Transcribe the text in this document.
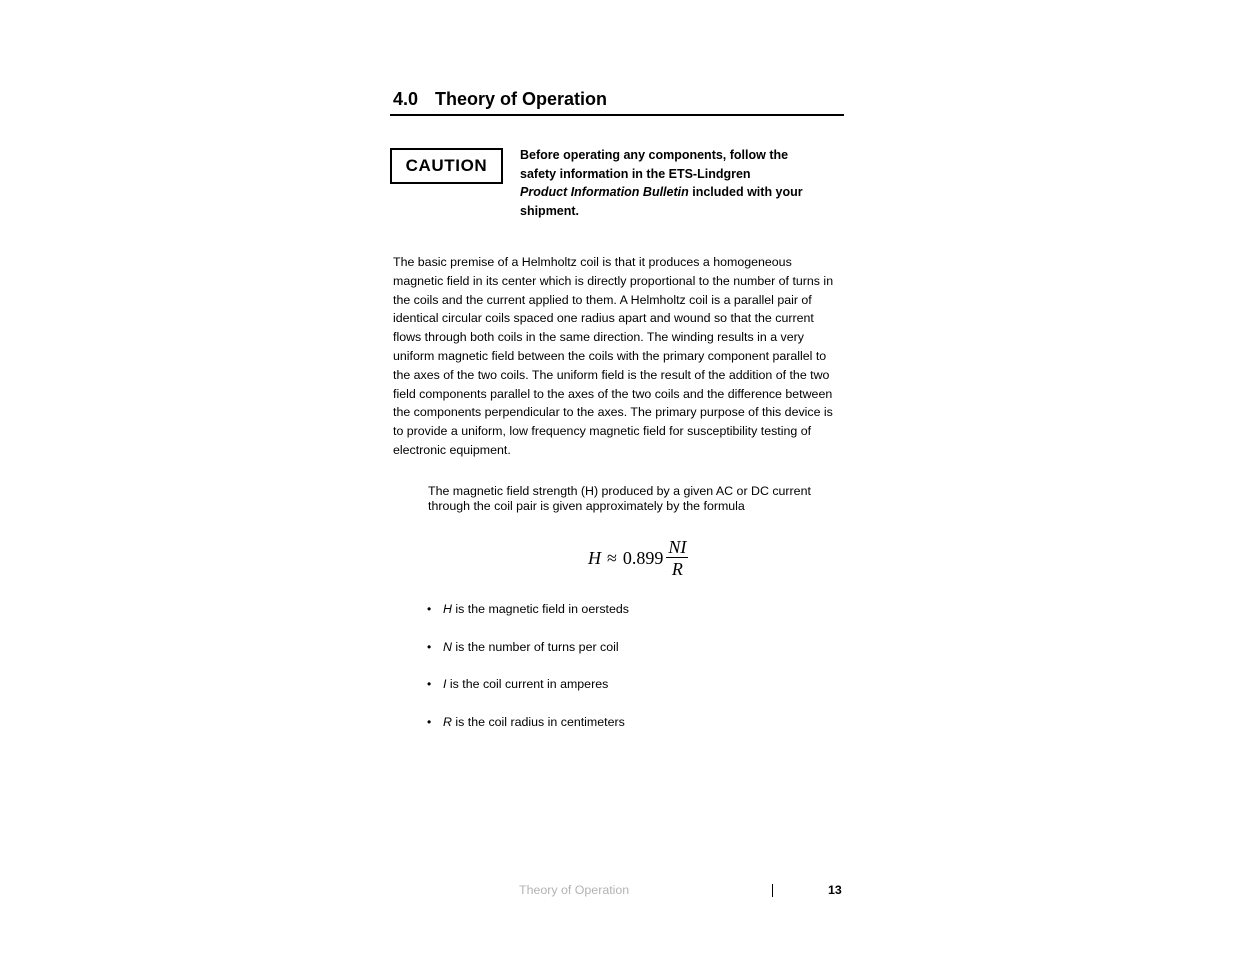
4.0 Theory of Operation
CAUTION
Before operating any components, follow the
safety information in the ETS-Lindgren
Product Information Bulletin included with your
shipment.
The basic premise of a Helmholtz coil is that it produces a homogeneous
magnetic field in its center which is directly proportional to the number of turns in
the coils and the current applied to them. A Helmholtz coil is a parallel pair of
identical circular coils spaced one radius apart and wound so that the current
flows through both coils in the same direction. The winding results in a very
uniform magnetic field between the coils with the primary component parallel to
the axes of the two coils. The uniform field is the result of the addition of the two
field components parallel to the axes of the two coils and the difference between
the components perpendicular to the axes. The primary purpose of this device is
to provide a uniform, low frequency magnetic field for susceptibility testing of
electronic equipment.
The magnetic field strength (H) produced by a given AC or DC current
through the coil pair is given approximately by the formula
$H \approx 0.899 \frac{NI}{R}$
• H is the magnetic field in oersteds
• N is the number of turns per coil
• I is the coil current in amperes
• R is the coil radius in centimeters
Theory of Operation	13
